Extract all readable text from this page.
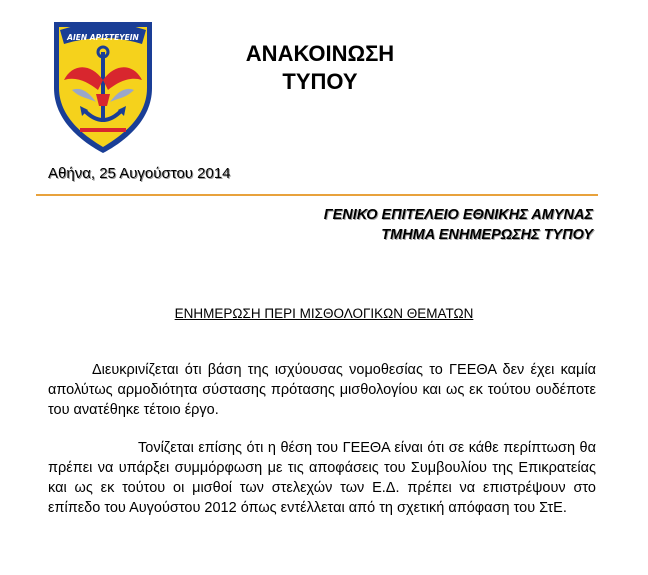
ΑΙΕΝ ΑΡΙΣΤΕΥΕΙΝ
ΑΝΑΚΟΙΝΩΣΗ
ΤΥΠΟΥ
Αθήνα, 25 Αυγούστου 2014
ΓΕΝΙΚΟ ΕΠΙΤΕΛΕΙΟ ΕΘΝΙΚΗΣ ΑΜΥΝΑΣ
ΤΜΗΜΑ ΕΝΗΜΕΡΩΣΗΣ ΤΥΠΟΥ
ΕΝΗΜΕΡΩΣΗ ΠΕΡΙ ΜΙΣΘΟΛΟΓΙΚΩΝ ΘΕΜΑΤΩΝ
Διευκρινίζεται ότι βάση της ισχύουσας νομοθεσίας το ΓΕΕΘΑ δεν έχει καμία απολύτως αρμοδιότητα σύστασης πρότασης μισθολογίου και ως εκ τούτου ουδέποτε του ανατέθηκε τέτοιο έργο.
Τονίζεται επίσης ότι η θέση του ΓΕΕΘΑ είναι ότι σε κάθε περίπτωση θα πρέπει να υπάρξει συμμόρφωση με τις αποφάσεις του Συμβουλίου της Επικρατείας και ως εκ τούτου οι μισθοί των στελεχών των Ε.Δ. πρέπει να επιστρέψουν στο επίπεδο του Αυγούστου 2012 όπως εντέλλεται από τη σχετική απόφαση του ΣτΕ.
